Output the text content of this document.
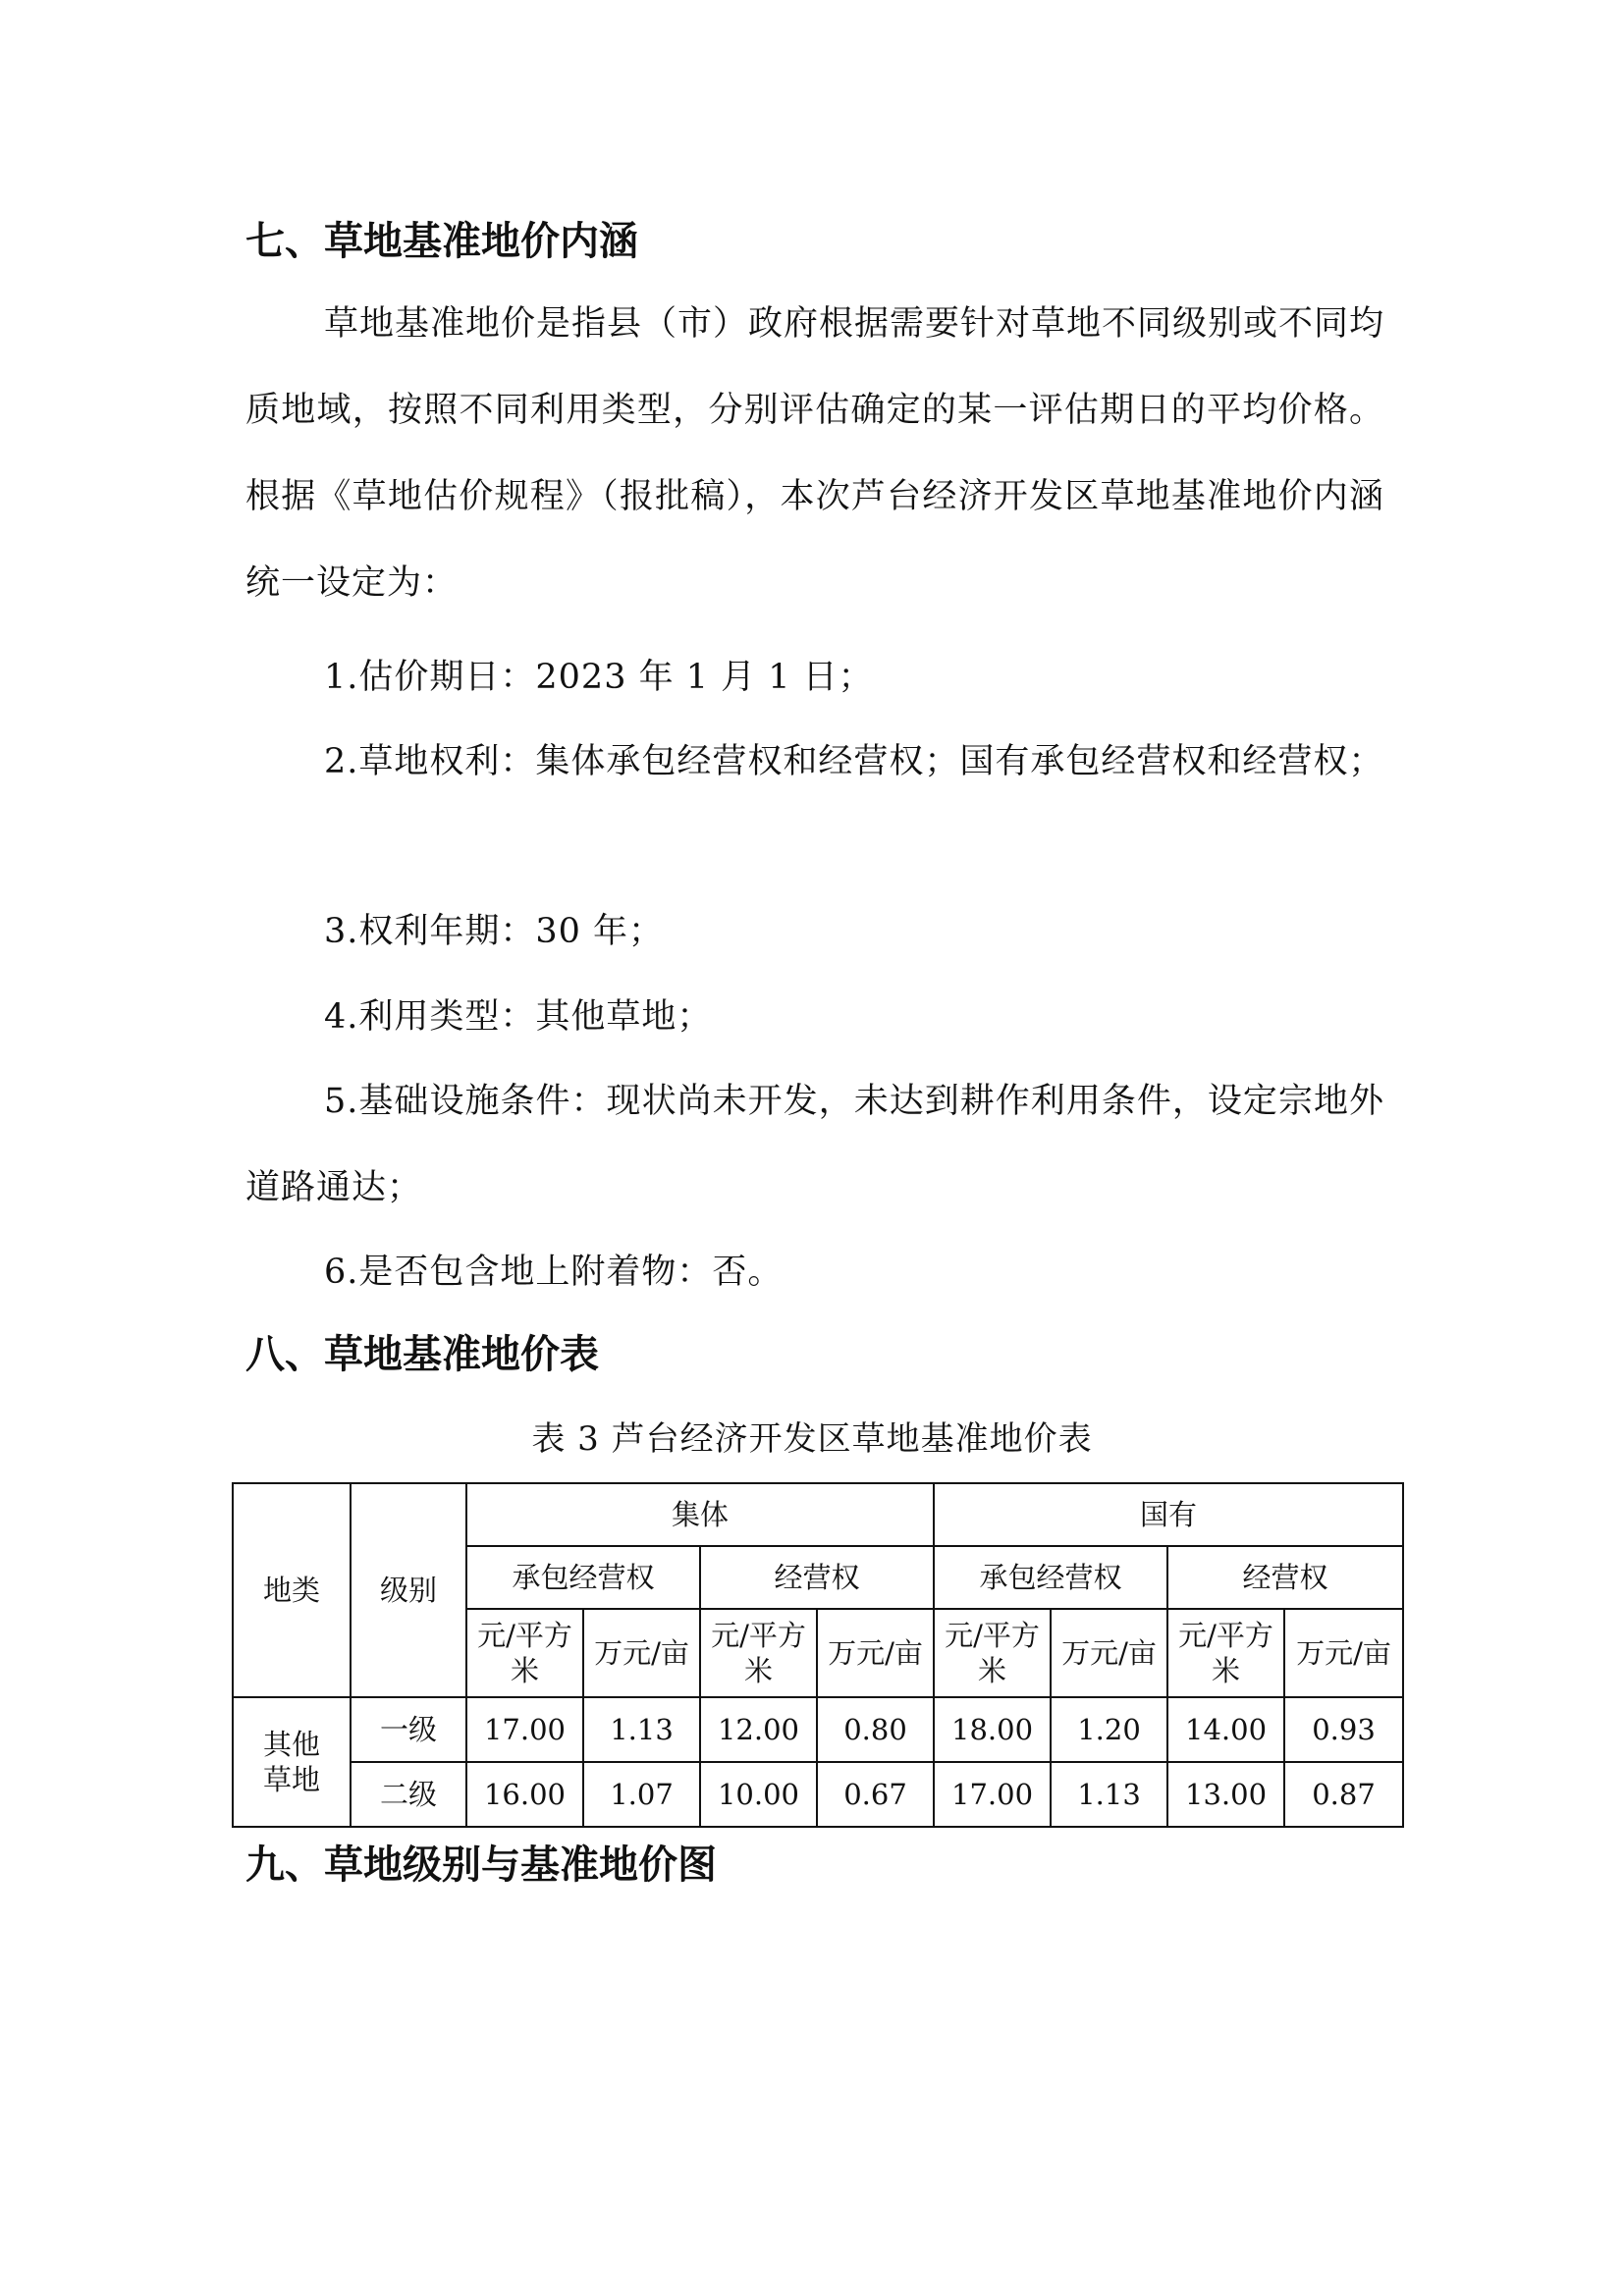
七、草地基准地价内涵

草地基准地价是指县（市）政府根据需要针对草地不同级别或不同均质地域，按照不同利用类型，分别评估确定的某一评估期日的平均价格。根据《草地估价规程》（报批稿），本次芦台经济开发区草地基准地价内涵统一设定为：

1.估价期日：2023 年 1 月 1 日；

2.草地权利：集体承包经营权和经营权；国有承包经营权和经营权；

3.权利年期：30 年；

4.利用类型：其他草地；

5.基础设施条件：现状尚未开发，未达到耕作利用条件，设定宗地外道路通达；

6.是否包含地上附着物：否。

八、草地基准地价表
表 3 芦台经济开发区草地基准地价表
地类	级别	集体				国有			
		承包经营权		经营权		承包经营权		经营权	
		元/平方米	万元/亩	元/平方米	万元/亩	元/平方米	万元/亩	元/平方米	万元/亩
其他草地	一级	17.00	1.13	12.00	0.80	18.00	1.20	14.00	0.93
	二级	16.00	1.07	10.00	0.67	17.00	1.13	13.00	0.87
九、草地级别与基准地价图
